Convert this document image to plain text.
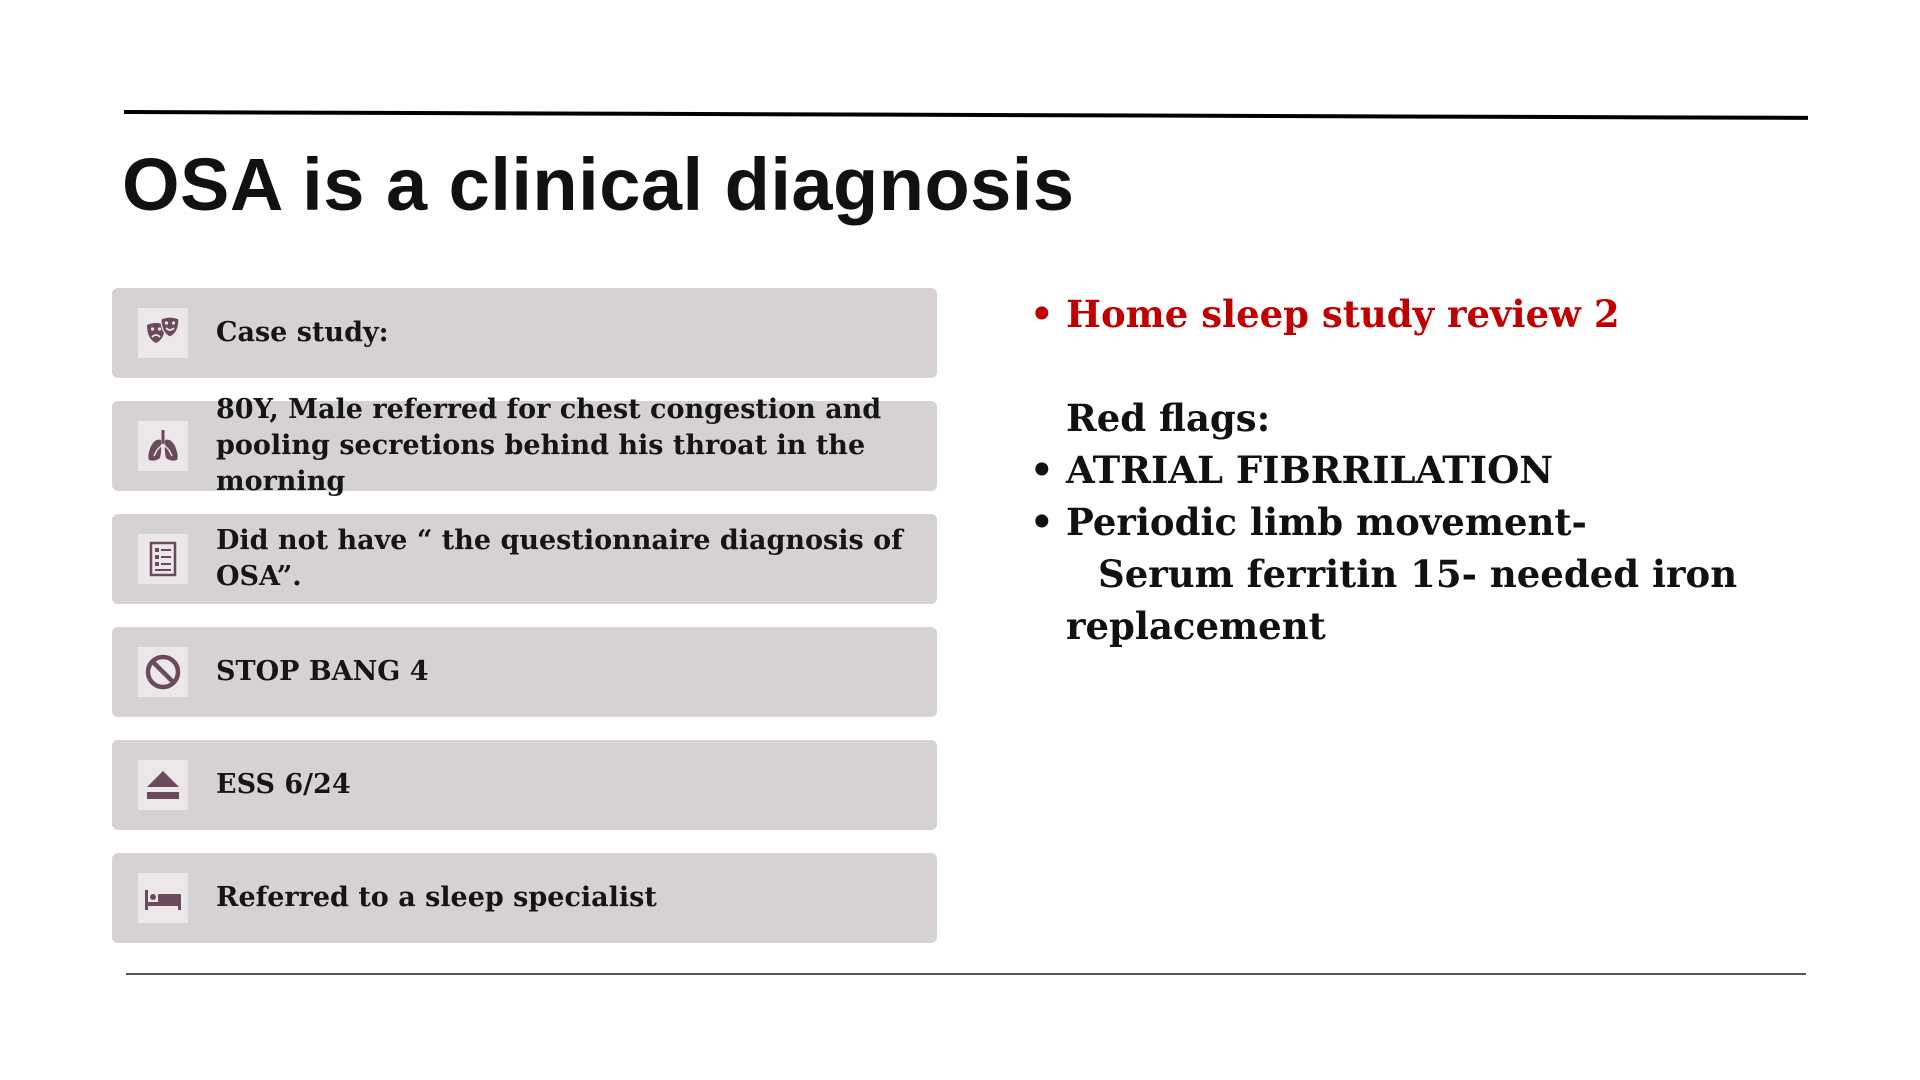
OSA is a clinical diagnosis
Case study:
80Y, Male referred for chest congestion and pooling secretions behind his throat in the morning
Did not have “ the questionnaire diagnosis of OSA”.
STOP BANG 4
ESS 6/24
Referred to a sleep specialist
• Home sleep study review 2
Red flags:
• ATRIAL FIBRRILATION
• Periodic limb movement-
Serum ferritin 15- needed iron
replacement
